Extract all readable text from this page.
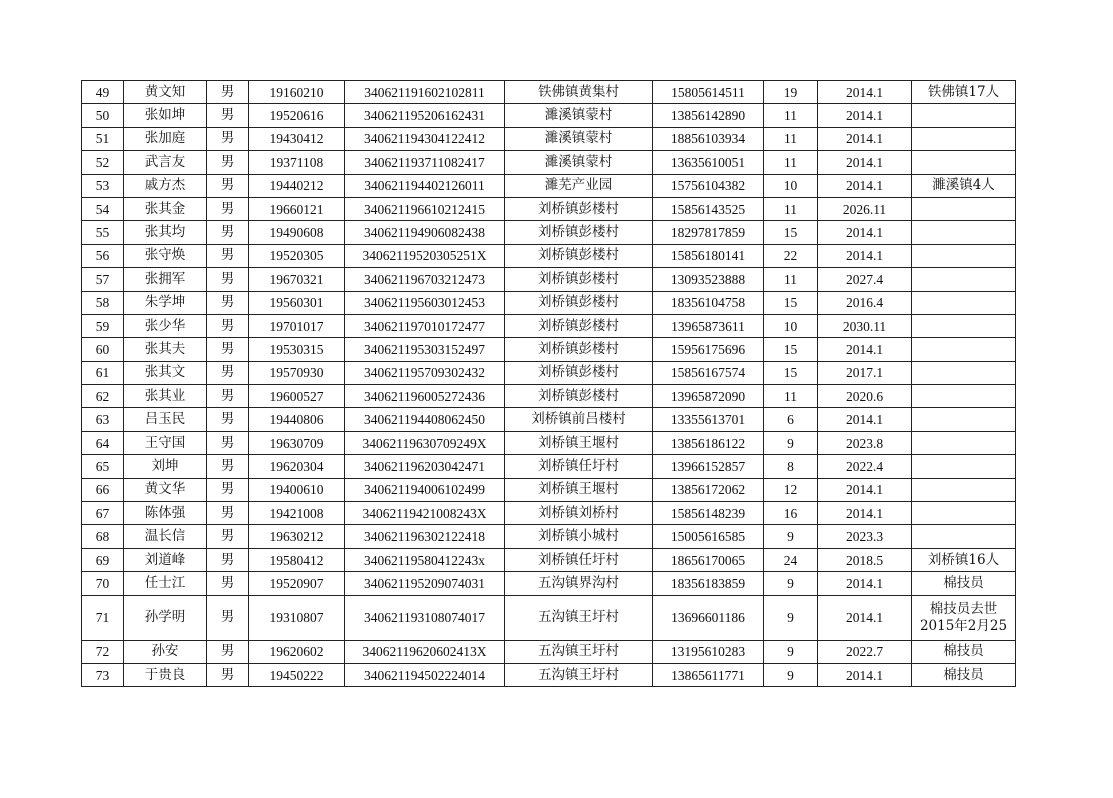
49	黄文知	男	19160210	340621191602102811	铁佛镇黄集村	15805614511	19	2014.1	铁佛镇17人
50	张如坤	男	19520616	340621195206162431	濉溪镇蒙村	13856142890	11	2014.1	
51	张加庭	男	19430412	340621194304122412	濉溪镇蒙村	18856103934	11	2014.1	
52	武言友	男	19371108	340621193711082417	濉溪镇蒙村	13635610051	11	2014.1	
53	戚方杰	男	19440212	340621194402126011	濉芜产业园	15756104382	10	2014.1	濉溪镇4人
54	张其金	男	19660121	340621196610212415	刘桥镇彭楼村	15856143525	11	2026.11	
55	张其均	男	19490608	340621194906082438	刘桥镇彭楼村	18297817859	15	2014.1	
56	张守焕	男	19520305	34062119520305251X	刘桥镇彭楼村	15856180141	22	2014.1	
57	张拥军	男	19670321	340621196703212473	刘桥镇彭楼村	13093523888	11	2027.4	
58	朱学坤	男	19560301	340621195603012453	刘桥镇彭楼村	18356104758	15	2016.4	
59	张少华	男	19701017	340621197010172477	刘桥镇彭楼村	13965873611	10	2030.11	
60	张其夫	男	19530315	340621195303152497	刘桥镇彭楼村	15956175696	15	2014.1	
61	张其文	男	19570930	340621195709302432	刘桥镇彭楼村	15856167574	15	2017.1	
62	张其业	男	19600527	340621196005272436	刘桥镇彭楼村	13965872090	11	2020.6	
63	吕玉民	男	19440806	340621194408062450	刘桥镇前吕楼村	13355613701	6	2014.1	
64	王守国	男	19630709	34062119630709249X	刘桥镇王堰村	13856186122	9	2023.8	
65	刘坤	男	19620304	340621196203042471	刘桥镇任圩村	13966152857	8	2022.4	
66	黄文华	男	19400610	340621194006102499	刘桥镇王堰村	13856172062	12	2014.1	
67	陈体强	男	19421008	34062119421008243X	刘桥镇刘桥村	15856148239	16	2014.1	
68	温长信	男	19630212	340621196302122418	刘桥镇小城村	15005616585	9	2023.3	
69	刘道峰	男	19580412	34062119580412243x	刘桥镇任圩村	18656170065	24	2018.5	刘桥镇16人
70	任士江	男	19520907	340621195209074031	五沟镇界沟村	18356183859	9	2014.1	棉技员
71	孙学明	男	19310807	340621193108074017	五沟镇王圩村	13696601186	9	2014.1	棉技员去世 2015年2月25
72	孙安	男	19620602	34062119620602413X	五沟镇王圩村	13195610283	9	2022.7	棉技员
73	于贵良	男	19450222	340621194502224014	五沟镇王圩村	13865611771	9	2014.1	棉技员
